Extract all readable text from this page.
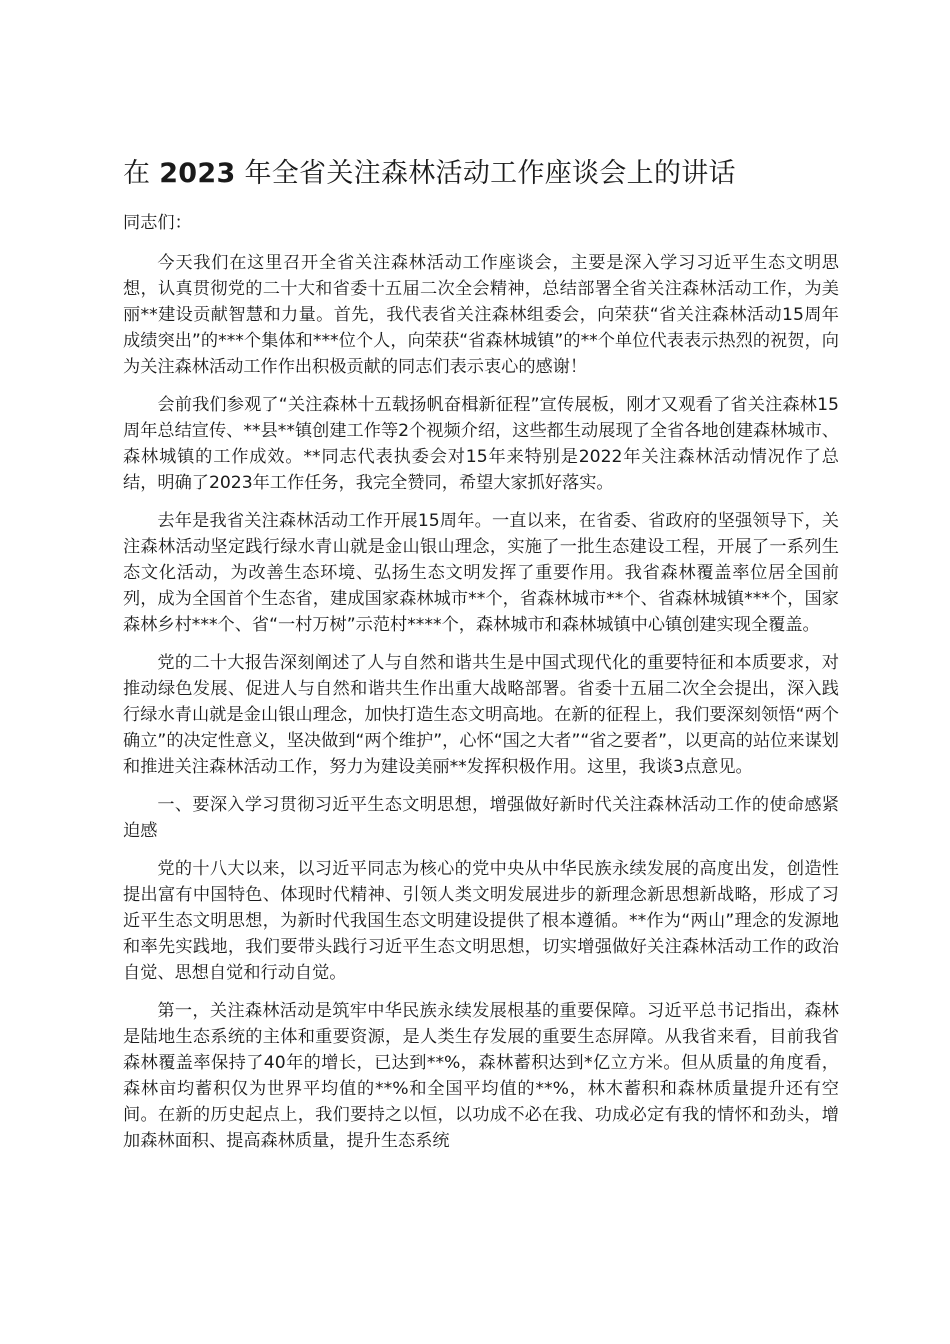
在 2023 年全省关注森林活动工作座谈会上的讲话

同志们：

今天我们在这里召开全省关注森林活动工作座谈会，主要是深入学习习近平生态文明思想，认真贯彻党的二十大和省委十五届二次全会精神，总结部署全省关注森林活动工作，为美丽**建设贡献智慧和力量。首先，我代表省关注森林组委会，向荣获“省关注森林活动15周年成绩突出”的***个集体和***位个人，向荣获“省森林城镇”的**个单位代表表示热烈的祝贺，向为关注森林活动工作作出积极贡献的同志们表示衷心的感谢！

会前我们参观了“关注森林十五载扬帆奋楫新征程”宣传展板，刚才又观看了省关注森林15周年总结宣传、**县**镇创建工作等2个视频介绍，这些都生动展现了全省各地创建森林城市、森林城镇的工作成效。**同志代表执委会对15年来特别是2022年关注森林活动情况作了总结，明确了2023年工作任务，我完全赞同，希望大家抓好落实。

去年是我省关注森林活动工作开展15周年。一直以来，在省委、省政府的坚强领导下，关注森林活动坚定践行绿水青山就是金山银山理念，实施了一批生态建设工程，开展了一系列生态文化活动，为改善生态环境、弘扬生态文明发挥了重要作用。我省森林覆盖率位居全国前列，成为全国首个生态省，建成国家森林城市**个，省森林城市**个、省森林城镇***个，国家森林乡村***个、省“一村万树”示范村****个，森林城市和森林城镇中心镇创建实现全覆盖。

党的二十大报告深刻阐述了人与自然和谐共生是中国式现代化的重要特征和本质要求，对推动绿色发展、促进人与自然和谐共生作出重大战略部署。省委十五届二次全会提出，深入践行绿水青山就是金山银山理念，加快打造生态文明高地。在新的征程上，我们要深刻领悟“两个确立”的决定性意义，坚决做到“两个维护”，心怀“国之大者”“省之要者”，以更高的站位来谋划和推进关注森林活动工作，努力为建设美丽**发挥积极作用。这里，我谈3点意见。

一、要深入学习贯彻习近平生态文明思想，增强做好新时代关注森林活动工作的使命感紧迫感

党的十八大以来，以习近平同志为核心的党中央从中华民族永续发展的高度出发，创造性提出富有中国特色、体现时代精神、引领人类文明发展进步的新理念新思想新战略，形成了习近平生态文明思想，为新时代我国生态文明建设提供了根本遵循。**作为“两山”理念的发源地和率先实践地，我们要带头践行习近平生态文明思想，切实增强做好关注森林活动工作的政治自觉、思想自觉和行动自觉。

第一，关注森林活动是筑牢中华民族永续发展根基的重要保障。习近平总书记指出，森林是陆地生态系统的主体和重要资源，是人类生存发展的重要生态屏障。从我省来看，目前我省森林覆盖率保持了40年的增长，已达到**%，森林蓄积达到*亿立方米。但从质量的角度看，森林亩均蓄积仅为世界平均值的**%和全国平均值的**%，林木蓄积和森林质量提升还有空间。在新的历史起点上，我们要持之以恒，以功成不必在我、功成必定有我的情怀和劲头，增加森林面积、提高森林质量，提升生态系统
